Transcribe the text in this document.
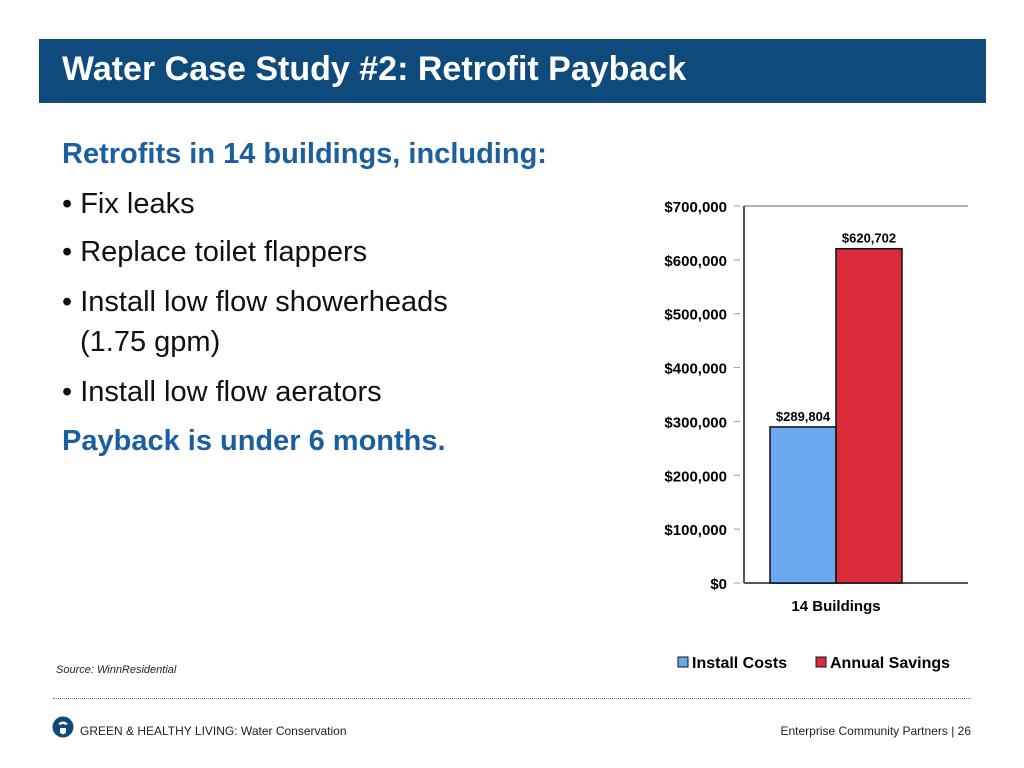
Water Case Study #2: Retrofit Payback
Retrofits in 14 buildings, including:
• Fix leaks
• Replace toilet flappers
• Install low flow showerheads
(1.75 gpm)
• Install low flow aerators
Payback is under 6 months.
Source: WinnResidential
$0
$100,000
$200,000
$300,000
$400,000
$500,000
$600,000
$700,000
$289,804
$620,702
14 Buildings
Install Costs	Annual Savings
GREEN & HEALTHY LIVING: Water Conservation	Enterprise Community Partners | 26
